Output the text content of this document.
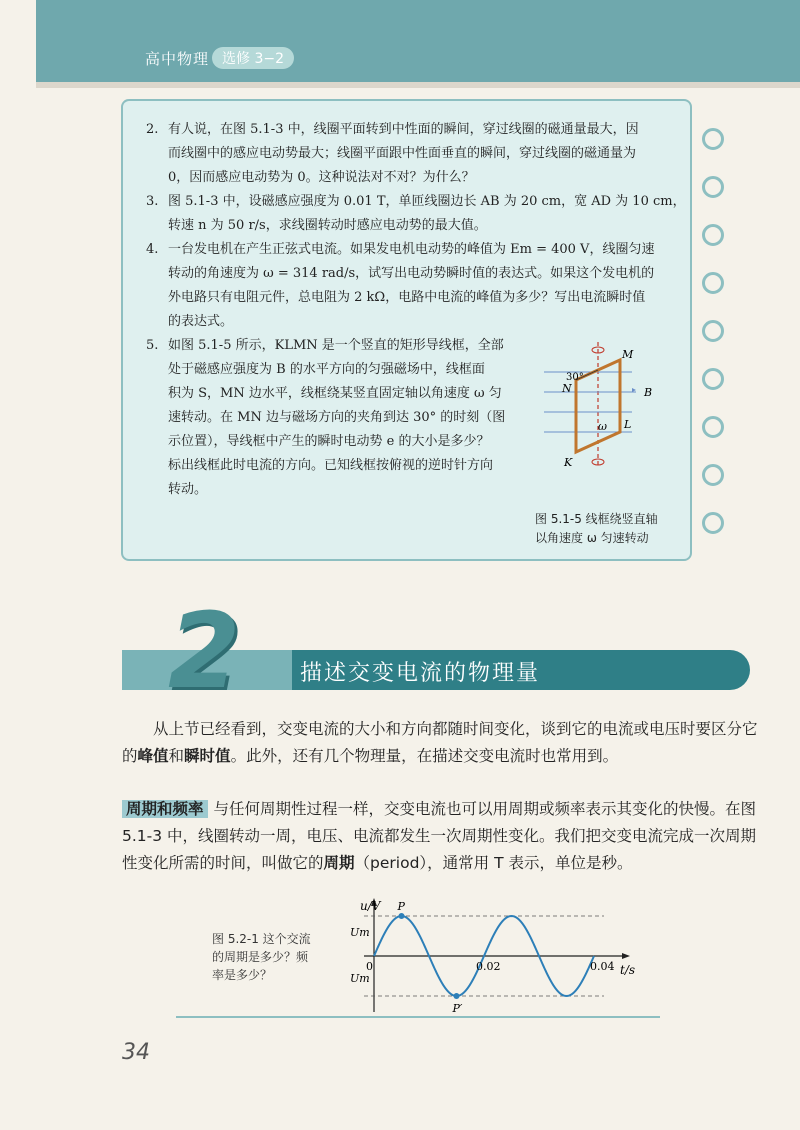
高中物理 选修 3−2
2. 有人说，在图 5.1-3 中，线圈平面转到中性面的瞬间，穿过线圈的磁通量最大，因
而线圈中的感应电动势最大；线圈平面跟中性面垂直的瞬间，穿过线圈的磁通量为
0，因而感应电动势为 0。这种说法对不对？为什么？
3. 图 5.1-3 中，设磁感应强度为 0.01 T，单匝线圈边长 AB 为 20 cm，宽 AD 为 10 cm，
转速 n 为 50 r/s，求线圈转动时感应电动势的最大值。
4. 一台发电机在产生正弦式电流。如果发电机电动势的峰值为 Em = 400 V，线圈匀速
转动的角速度为 ω = 314 rad/s，试写出电动势瞬时值的表达式。如果这个发电机的
外电路只有电阻元件，总电阻为 2 kΩ，电路中电流的峰值为多少？写出电流瞬时值
的表达式。
5. 如图 5.1-5 所示，KLMN 是一个竖直的矩形导线框，全部
处于磁感应强度为 B 的水平方向的匀强磁场中，线框面
积为 S，MN 边水平，线框绕某竖直固定轴以角速度 ω 匀
速转动。在 MN 边与磁场方向的夹角到达 30° 的时刻（图
示位置），导线框中产生的瞬时电动势 e 的大小是多少？
标出线框此时电流的方向。已知线框按俯视的逆时针方向
转动。
M
N
K
L
B
ω
30°
图 5.1-5 线框绕竖直轴
以角速度 ω 匀速转动
2	描述交变电流的物理量
从上节已经看到，交变电流的大小和方向都随时间变化，谈到它的电流或电压时要区分它的峰值和瞬时值。此外，还有几个物理量，在描述交变电流时也常用到。
周期和频率 与任何周期性过程一样，交变电流也可以用周期或频率表示其变化的快慢。在图 5.1-3 中，线圈转动一周，电压、电流都发生一次周期性变化。我们把交变电流完成一次周期性变化所需的时间，叫做它的周期（period），通常用 T 表示，单位是秒。
图 5.2-1 这个交流
的周期是多少？频
率是多少？
u/V
t/s
0
Um
Um
P
P′
0.02	0.04
34
